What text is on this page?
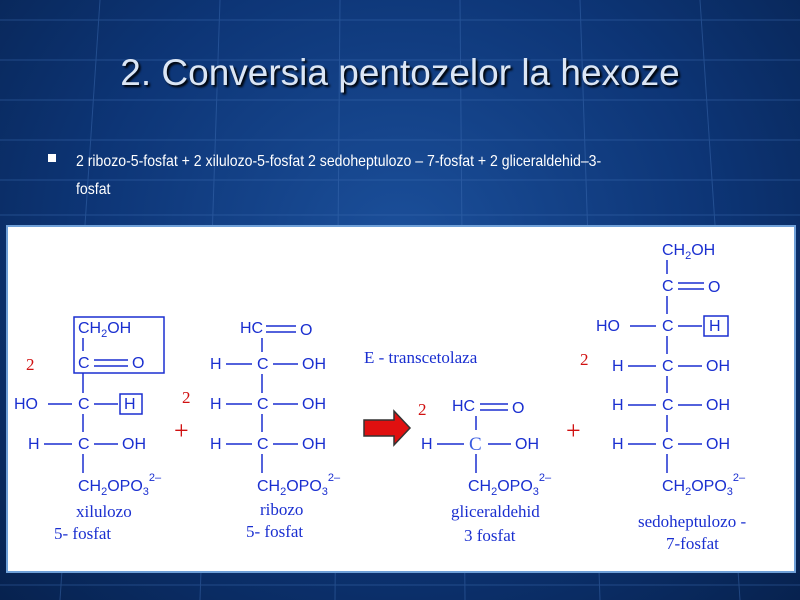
2. Conversia pentozelor la hexoze
2 ribozo-5-fosfat + 2 xilulozo-5-fosfat 2 sedoheptulozo – 7-fosfat + 2 gliceraldehid–3-
fosfat
2
$CH_2OH$
C	O
HO	C H
H C OH
$CH_2OPO_3^{2-}$
xilulozo
5- fosfat
+
2
HC O
H C OH
H C OH
H C OH
$CH_2OPO_3^{2-}$
ribozo
5- fosfat
E - transcetolaza
2 HC O
H C OH
$CH_2OPO_3^{2-}$
gliceraldehid
3 fosfat
+
2
$CH_2OH$
C O
HO	C H
H C OH
H C OH
H C OH
$CH_2OPO_3^{2-}$
sedoheptulozo -
7-fosfat
